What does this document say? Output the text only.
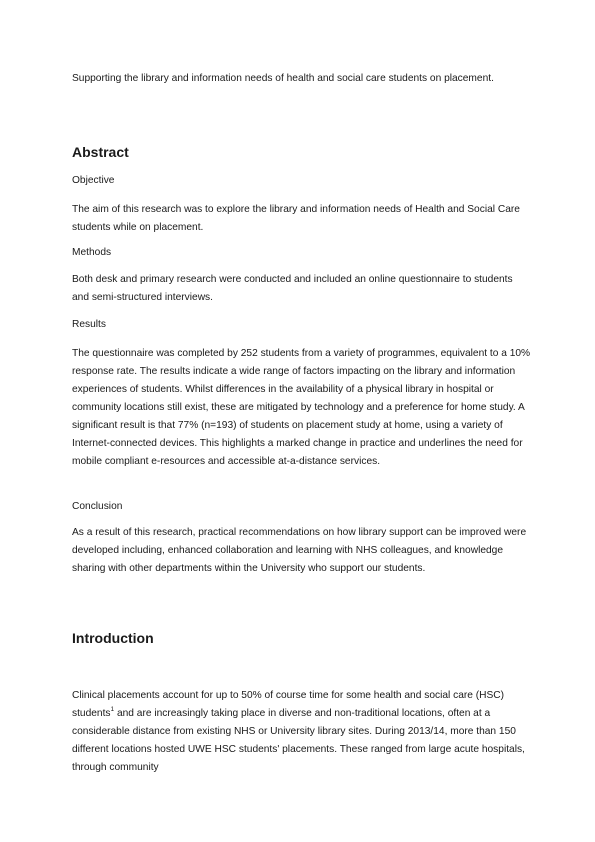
Supporting the library and information needs of health and social care students on placement.

Abstract

Objective

The aim of this research was to explore the library and information needs of Health and Social Care students while on placement.

Methods

Both desk and primary research were conducted and included an online questionnaire to students and semi-structured interviews.

Results

The questionnaire was completed by 252 students from a variety of programmes, equivalent to a 10% response rate. The results indicate a wide range of factors impacting on the library and information experiences of students. Whilst differences in the availability of a physical library in hospital or community locations still exist, these are mitigated by technology and a preference for home study. A significant result is that 77% (n=193) of students on placement study at home, using a variety of Internet-connected devices. This highlights a marked change in practice and underlines the need for mobile compliant e-resources and accessible at-a-distance services.

Conclusion

As a result of this research, practical recommendations on how library support can be improved were developed including, enhanced collaboration and learning with NHS colleagues, and knowledge sharing with other departments within the University who support our students.

Introduction

Clinical placements account for up to 50% of course time for some health and social care (HSC) students$^1$ and are increasingly taking place in diverse and non-traditional locations, often at a considerable distance from existing NHS or University library sites. During 2013/14, more than 150 different locations hosted UWE HSC students' placements. These ranged from large acute hospitals, through community
